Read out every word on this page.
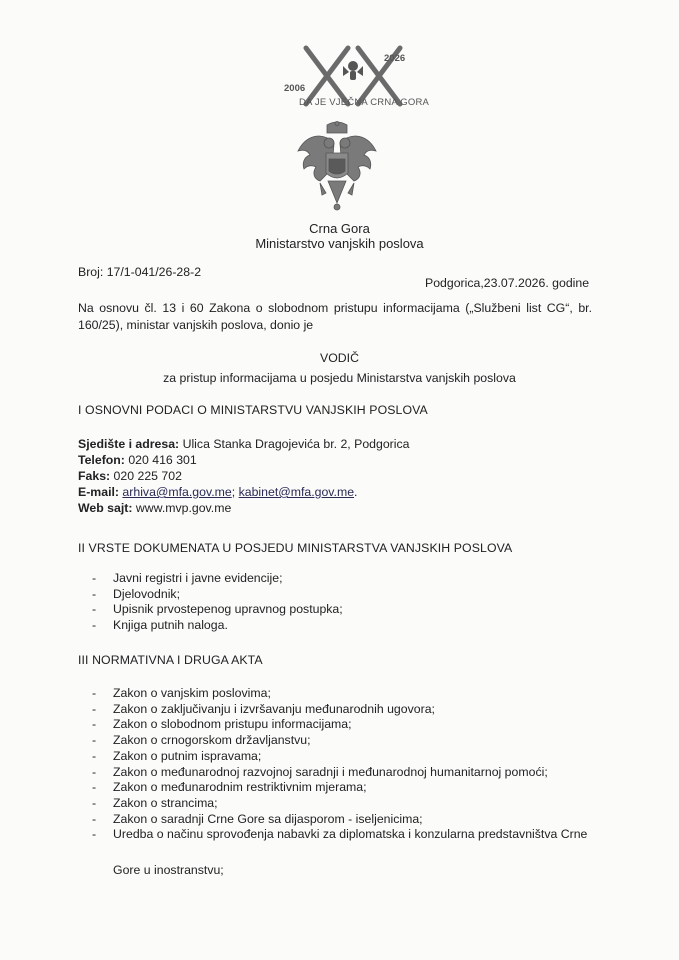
2006
2026
DA JE VJEČNA CRNA GORA
Crna Gora
Ministarstvo vanjskih poslova
Broj: 17/1-041/26-28-2
Podgorica,23.07.2026. godine
Na osnovu čl. 13 i 60 Zakona o slobodnom pristupu informacijama („Službeni list CG“, br. 160/25), ministar vanjskih poslova, donio je
VODIČ
za pristup informacijama u posjedu Ministarstva vanjskih poslova
I OSNOVNI PODACI O MINISTARSTVU VANJSKIH POSLOVA
Sjedište i adresa: Ulica Stanka Dragojevića br. 2, Podgorica
Telefon: 020 416 301
Faks: 020 225 702
E-mail: arhiva@mfa.gov.me; kabinet@mfa.gov.me.
Web sajt: www.mvp.gov.me
II VRSTE DOKUMENATA U POSJEDU MINISTARSTVA VANJSKIH POSLOVA
- Javni registri i javne evidencije;
- Djelovodnik;
- Upisnik prvostepenog upravnog postupka;
- Knjiga putnih naloga.
III NORMATIVNA I DRUGA AKTA
- Zakon o vanjskim poslovima;
- Zakon o zaključivanju i izvršavanju međunarodnih ugovora;
- Zakon o slobodnom pristupu informacijama;
- Zakon o crnogorskom državljanstvu;
- Zakon o putnim ispravama;
- Zakon o međunarodnoj razvojnoj saradnji i međunarodnoj humanitarnoj pomoći;
- Zakon o međunarodnim restriktivnim mjerama;
- Zakon o strancima;
- Zakon o saradnji Crne Gore sa dijasporom - iseljenicima;
- Uredba o načinu sprovođenja nabavki za diplomatska i konzularna predstavništva Crne
Gore u inostranstvu;
